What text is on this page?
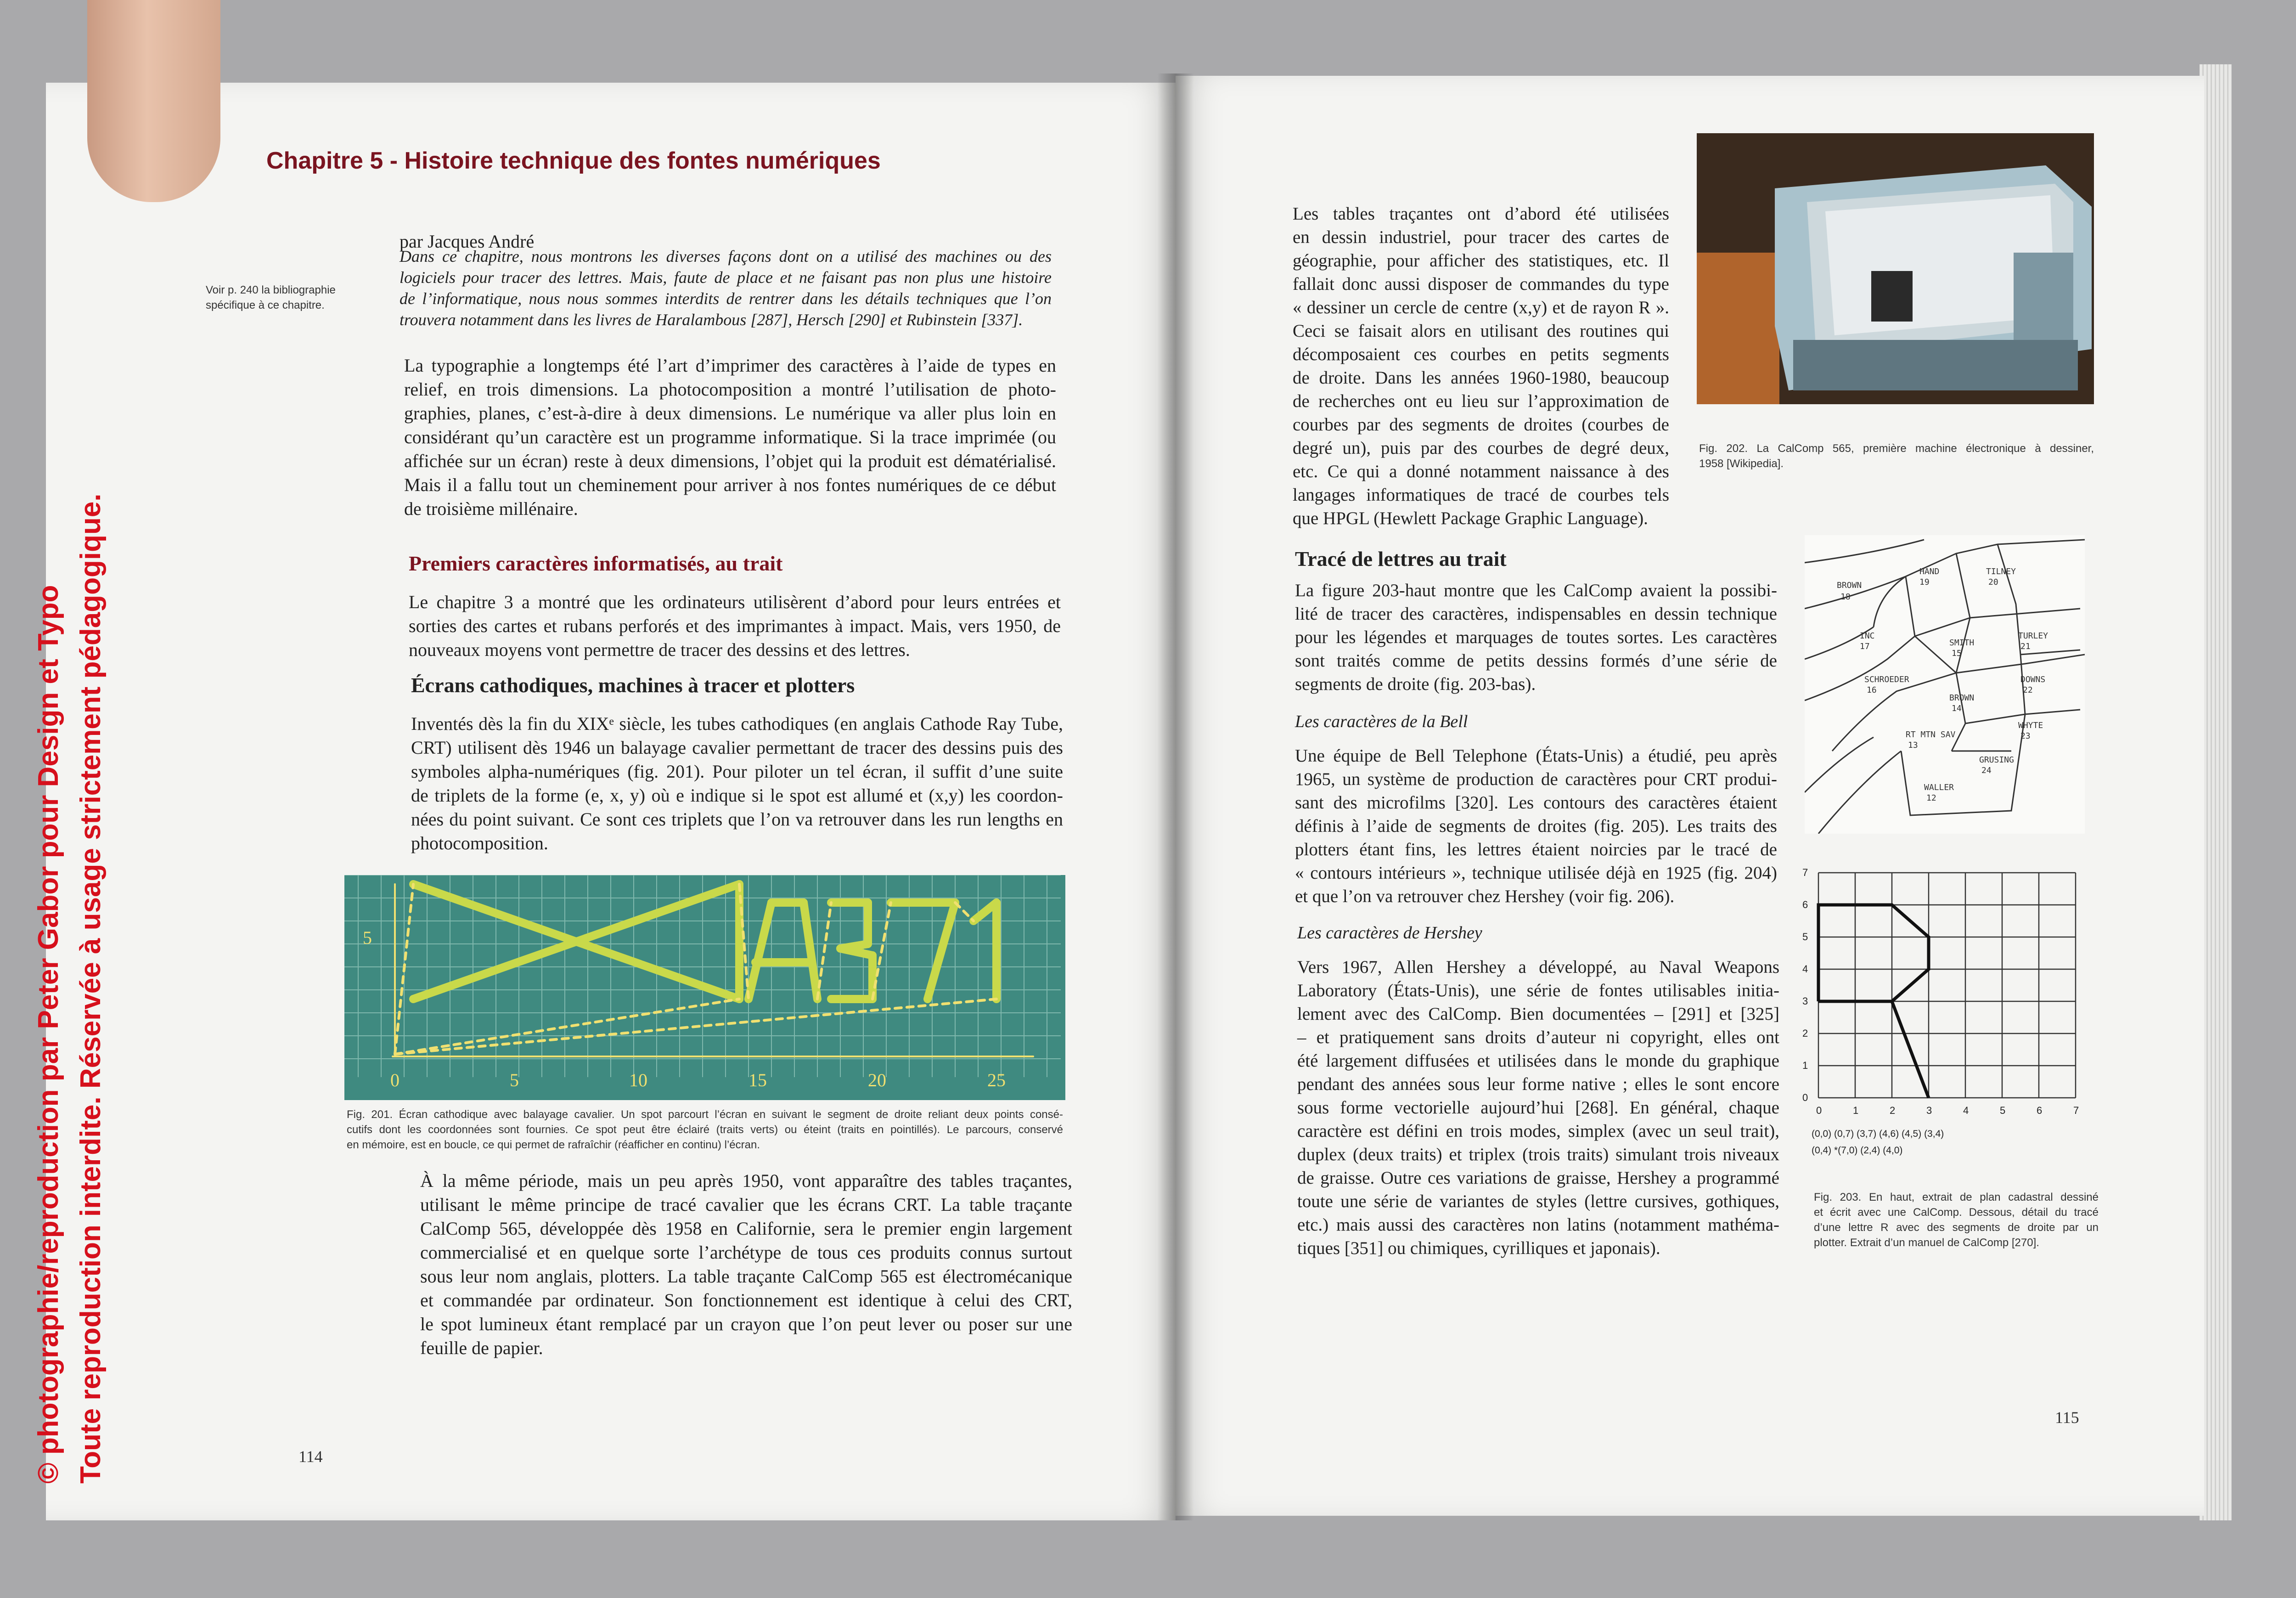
Chapitre 5 - Histoire technique des fontes numériques
par Jacques André
Voir p. 240 la bibliographie
spécifique à ce chapitre.
Dans ce chapitre, nous montrons les diverses façons dont on a utilisé des machines ou des
logiciels pour tracer des lettres. Mais, faute de place et ne faisant pas non plus une histoire
de l’informatique, nous nous sommes interdits de rentrer dans les détails techniques que l’on
trouvera notamment dans les livres de Haralambous [287], Hersch [290] et Rubinstein [337].
La typographie a longtemps été l’art d’imprimer des caractères à l’aide de types en
relief, en trois dimensions. La photocomposition a montré l’utilisation de photo-
graphies, planes, c’est-à-dire à deux dimensions. Le numérique va aller plus loin en
considérant qu’un caractère est un programme informatique. Si la trace imprimée (ou
affichée sur un écran) reste à deux dimensions, l’objet qui la produit est dématérialisé.
Mais il a fallu tout un cheminement pour arriver à nos fontes numériques de ce début
de troisième millénaire.
Premiers caractères informatisés, au trait
Le chapitre 3 a montré que les ordinateurs utilisèrent d’abord pour leurs entrées et
sorties des cartes et rubans perforés et des imprimantes à impact. Mais, vers 1950, de
nouveaux moyens vont permettre de tracer des dessins et des lettres.
Écrans cathodiques, machines à tracer et plotters
Inventés dès la fin du XIXᵉ siècle, les tubes cathodiques (en anglais Cathode Ray Tube,
CRT) utilisent dès 1946 un balayage cavalier permettant de tracer des dessins puis des
symboles alpha-numériques (fig. 201). Pour piloter un tel écran, il suffit d’une suite
de triplets de la forme (e, x, y) où e indique si le spot est allumé et (x,y) les coordon-
nées du point suivant. Ce sont ces triplets que l’on va retrouver dans les run lengths en
photocomposition.
0	5	10	15	20	25
5
Fig. 201. Écran cathodique avec balayage cavalier. Un spot parcourt l’écran en suivant le segment de droite reliant deux points consé-
cutifs dont les coordonnées sont fournies. Ce spot peut être éclairé (traits verts) ou éteint (traits en pointillés). Le parcours, conservé
en mémoire, est en boucle, ce qui permet de rafraîchir (réafficher en continu) l’écran.
À la même période, mais un peu après 1950, vont apparaître des tables traçantes,
utilisant le même principe de tracé cavalier que les écrans CRT. La table traçante
CalComp 565, développée dès 1958 en Californie, sera le premier engin largement
commercialisé et en quelque sorte l’archétype de tous ces produits connus surtout
sous leur nom anglais, plotters. La table traçante CalComp 565 est électromécanique
et commandée par ordinateur. Son fonctionnement est identique à celui des CRT,
le spot lumineux étant remplacé par un crayon que l’on peut lever ou poser sur une
feuille de papier.
114
Les tables traçantes ont d’abord été utilisées
en dessin industriel, pour tracer des cartes de
géographie, pour afficher des statistiques, etc. Il
fallait donc aussi disposer de commandes du type
« dessiner un cercle de centre (x,y) et de rayon R ».
Ceci se faisait alors en utilisant des routines qui
décomposaient ces courbes en petits segments
de droite. Dans les années 1960-1980, beaucoup
de recherches ont eu lieu sur l’approximation de
courbes par des segments de droites (courbes de
degré un), puis par des courbes de degré deux,
etc. Ce qui a donné notamment naissance à des
langages informatiques de tracé de courbes tels
que HPGL (Hewlett Package Graphic Language).
Fig. 202. La CalComp 565, première machine électronique à dessiner,
1958 [Wikipedia].
Tracé de lettres au trait
La figure 203-haut montre que les CalComp avaient la possibi-
lité de tracer des caractères, indispensables en dessin technique
pour les légendes et marquages de toutes sortes. Les caractères
sont traités comme de petits dessins formés d’une série de
segments de droite (fig. 203-bas).
Les caractères de la Bell
Une équipe de Bell Telephone (États-Unis) a étudié, peu après
1965, un système de production de caractères pour CRT produi-
sant des microfilms [320]. Les contours des caractères étaient
définis à l’aide de segments de droites (fig. 205). Les traits des
plotters étant fins, les lettres étaient noircies par le tracé de
« contours intérieurs », technique utilisée déjà en 1925 (fig. 204)
et que l’on va retrouver chez Hershey (voir fig. 206).
Les caractères de Hershey
Vers 1967, Allen Hershey a développé, au Naval Weapons
Laboratory (États-Unis), une série de fontes utilisables initia-
lement avec des CalComp. Bien documentées – [291] et [325]
– et pratiquement sans droits d’auteur ni copyright, elles ont
été largement diffusées et utilisées dans le monde du graphique
pendant des années sous leur forme native ; elles le sont encore
sous forme vectorielle aujourd’hui [268]. En général, chaque
caractère est défini en trois modes, simplex (avec un seul trait),
duplex (deux traits) et triplex (trois traits) simulant trois niveaux
de graisse. Outre ces variations de graisse, Hershey a programmé
toute une série de variantes de styles (lettre cursives, gothiques,
etc.) mais aussi des caractères non latins (notamment mathéma-
tiques [351] ou chimiques, cyrilliques et japonais).
BROWN
18
HAND
19
TILNEY
20
INC
17	SMITH
15
TURLEY
21
SCHROEDER
16
DOWNS
22
BROWN
14
WHYTE
23
RT MTN SAV
13
GRUSING
24
WALLER
12
0	1	2	3	4	5	6	7
0
1
2
3
4
5
6
7
(0,0) (0,7) (3,7) (4,6) (4,5) (3,4)
(0,4) *(7,0) (2,4) (4,0)
Fig. 203. En haut, extrait de plan cadastral dessiné
et écrit avec une CalComp. Dessous, détail du tracé
d’une lettre R avec des segments de droite par un
plotter. Extrait d’un manuel de CalComp [270].
115
© photographie/reproduction par Peter Gabor pour Design et Typo Toute reproduction interdite. Réservée à usage strictement pédagogique.
